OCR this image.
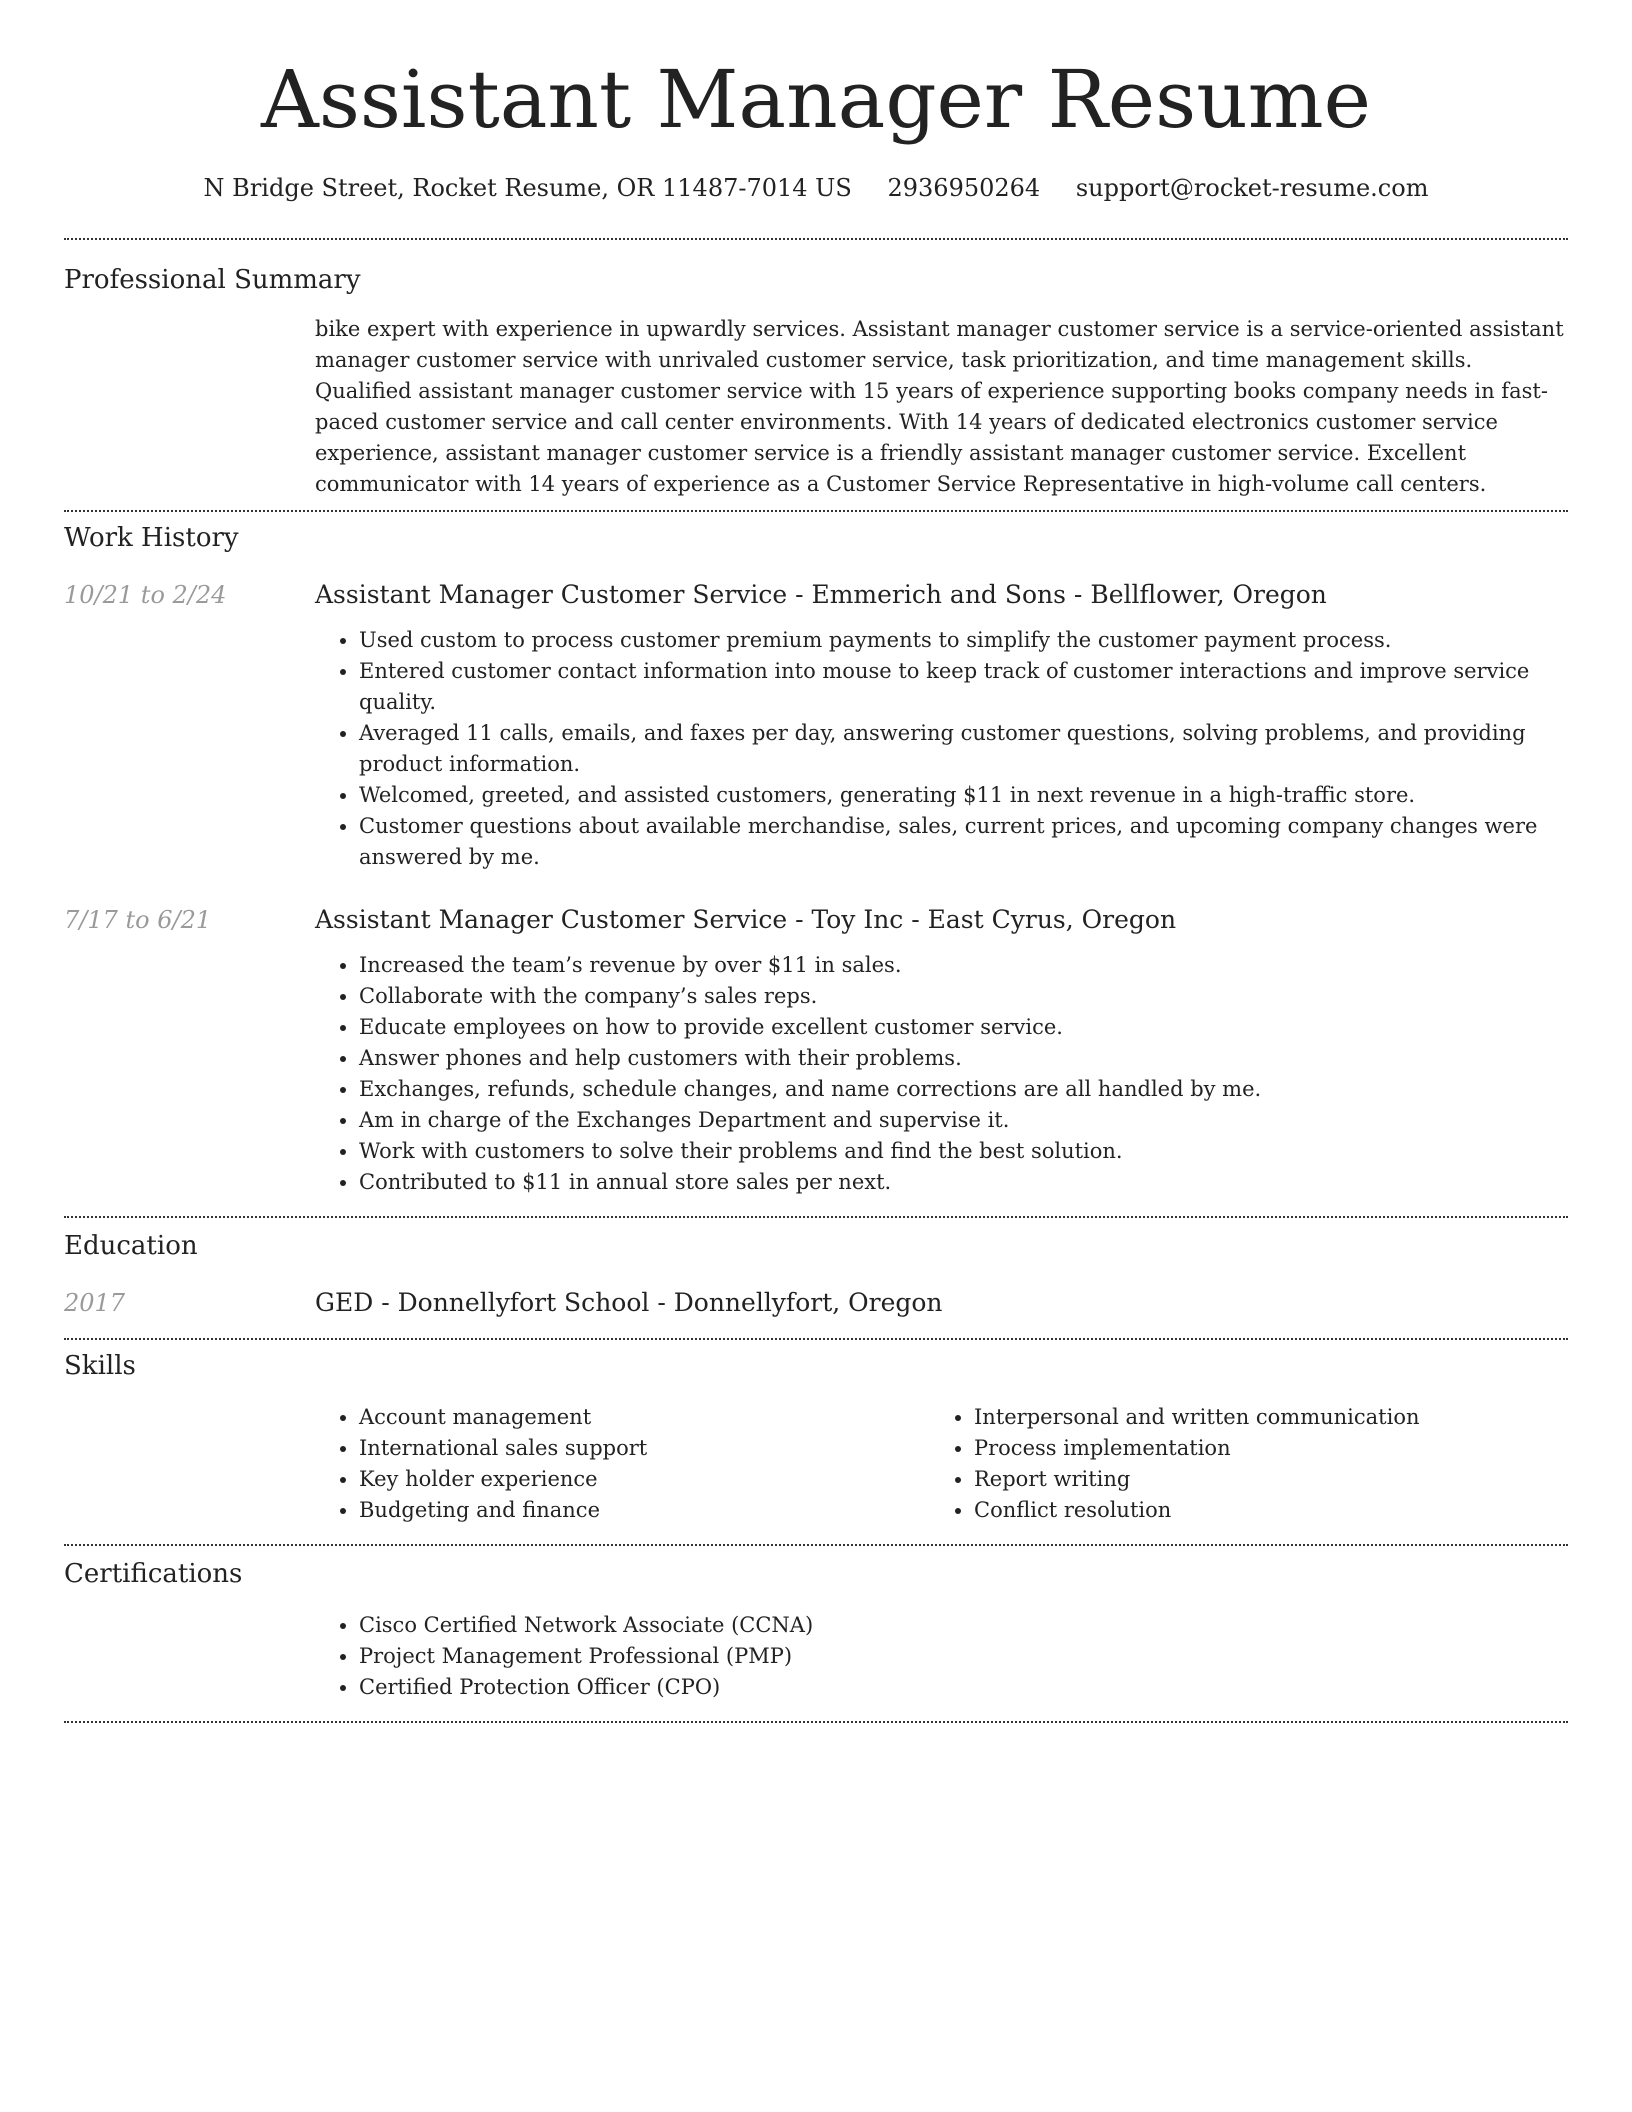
Assistant Manager Resume
N Bridge Street, Rocket Resume, OR 11487-7014 US 2936950264 support@rocket-resume.com
Professional Summary

bike expert with experience in upwardly services. Assistant manager customer service is a service-oriented assistant manager customer service with unrivaled customer service, task prioritization, and time management skills. Qualified assistant manager customer service with 15 years of experience supporting books company needs in fast-paced customer service and call center environments. With 14 years of dedicated electronics customer service experience, assistant manager customer service is a friendly assistant manager customer service. Excellent communicator with 14 years of experience as a Customer Service Representative in high-volume call centers.

Work History
10/21 to 2/24	Assistant Manager Customer Service - Emmerich and Sons - Bellflower, Oregon
• Used custom to process customer premium payments to simplify the customer payment process.
• Entered customer contact information into mouse to keep track of customer interactions and improve service quality.
• Averaged 11 calls, emails, and faxes per day, answering customer questions, solving problems, and providing product information.
• Welcomed, greeted, and assisted customers, generating $11 in next revenue in a high-traffic store.
• Customer questions about available merchandise, sales, current prices, and upcoming company changes were answered by me.
7/17 to 6/21	Assistant Manager Customer Service - Toy Inc - East Cyrus, Oregon
• Increased the team’s revenue by over $11 in sales.
• Collaborate with the company’s sales reps.
• Educate employees on how to provide excellent customer service.
• Answer phones and help customers with their problems.
• Exchanges, refunds, schedule changes, and name corrections are all handled by me.
• Am in charge of the Exchanges Department and supervise it.
• Work with customers to solve their problems and find the best solution.
• Contributed to $11 in annual store sales per next.
Education
2017	GED - Donnellyfort School - Donnellyfort, Oregon
Skills
• Account management
• International sales support
• Key holder experience
• Budgeting and finance
• Interpersonal and written communication
• Process implementation
• Report writing
• Conflict resolution
Certifications
• Cisco Certified Network Associate (CCNA)
• Project Management Professional (PMP)
• Certified Protection Officer (CPO)
